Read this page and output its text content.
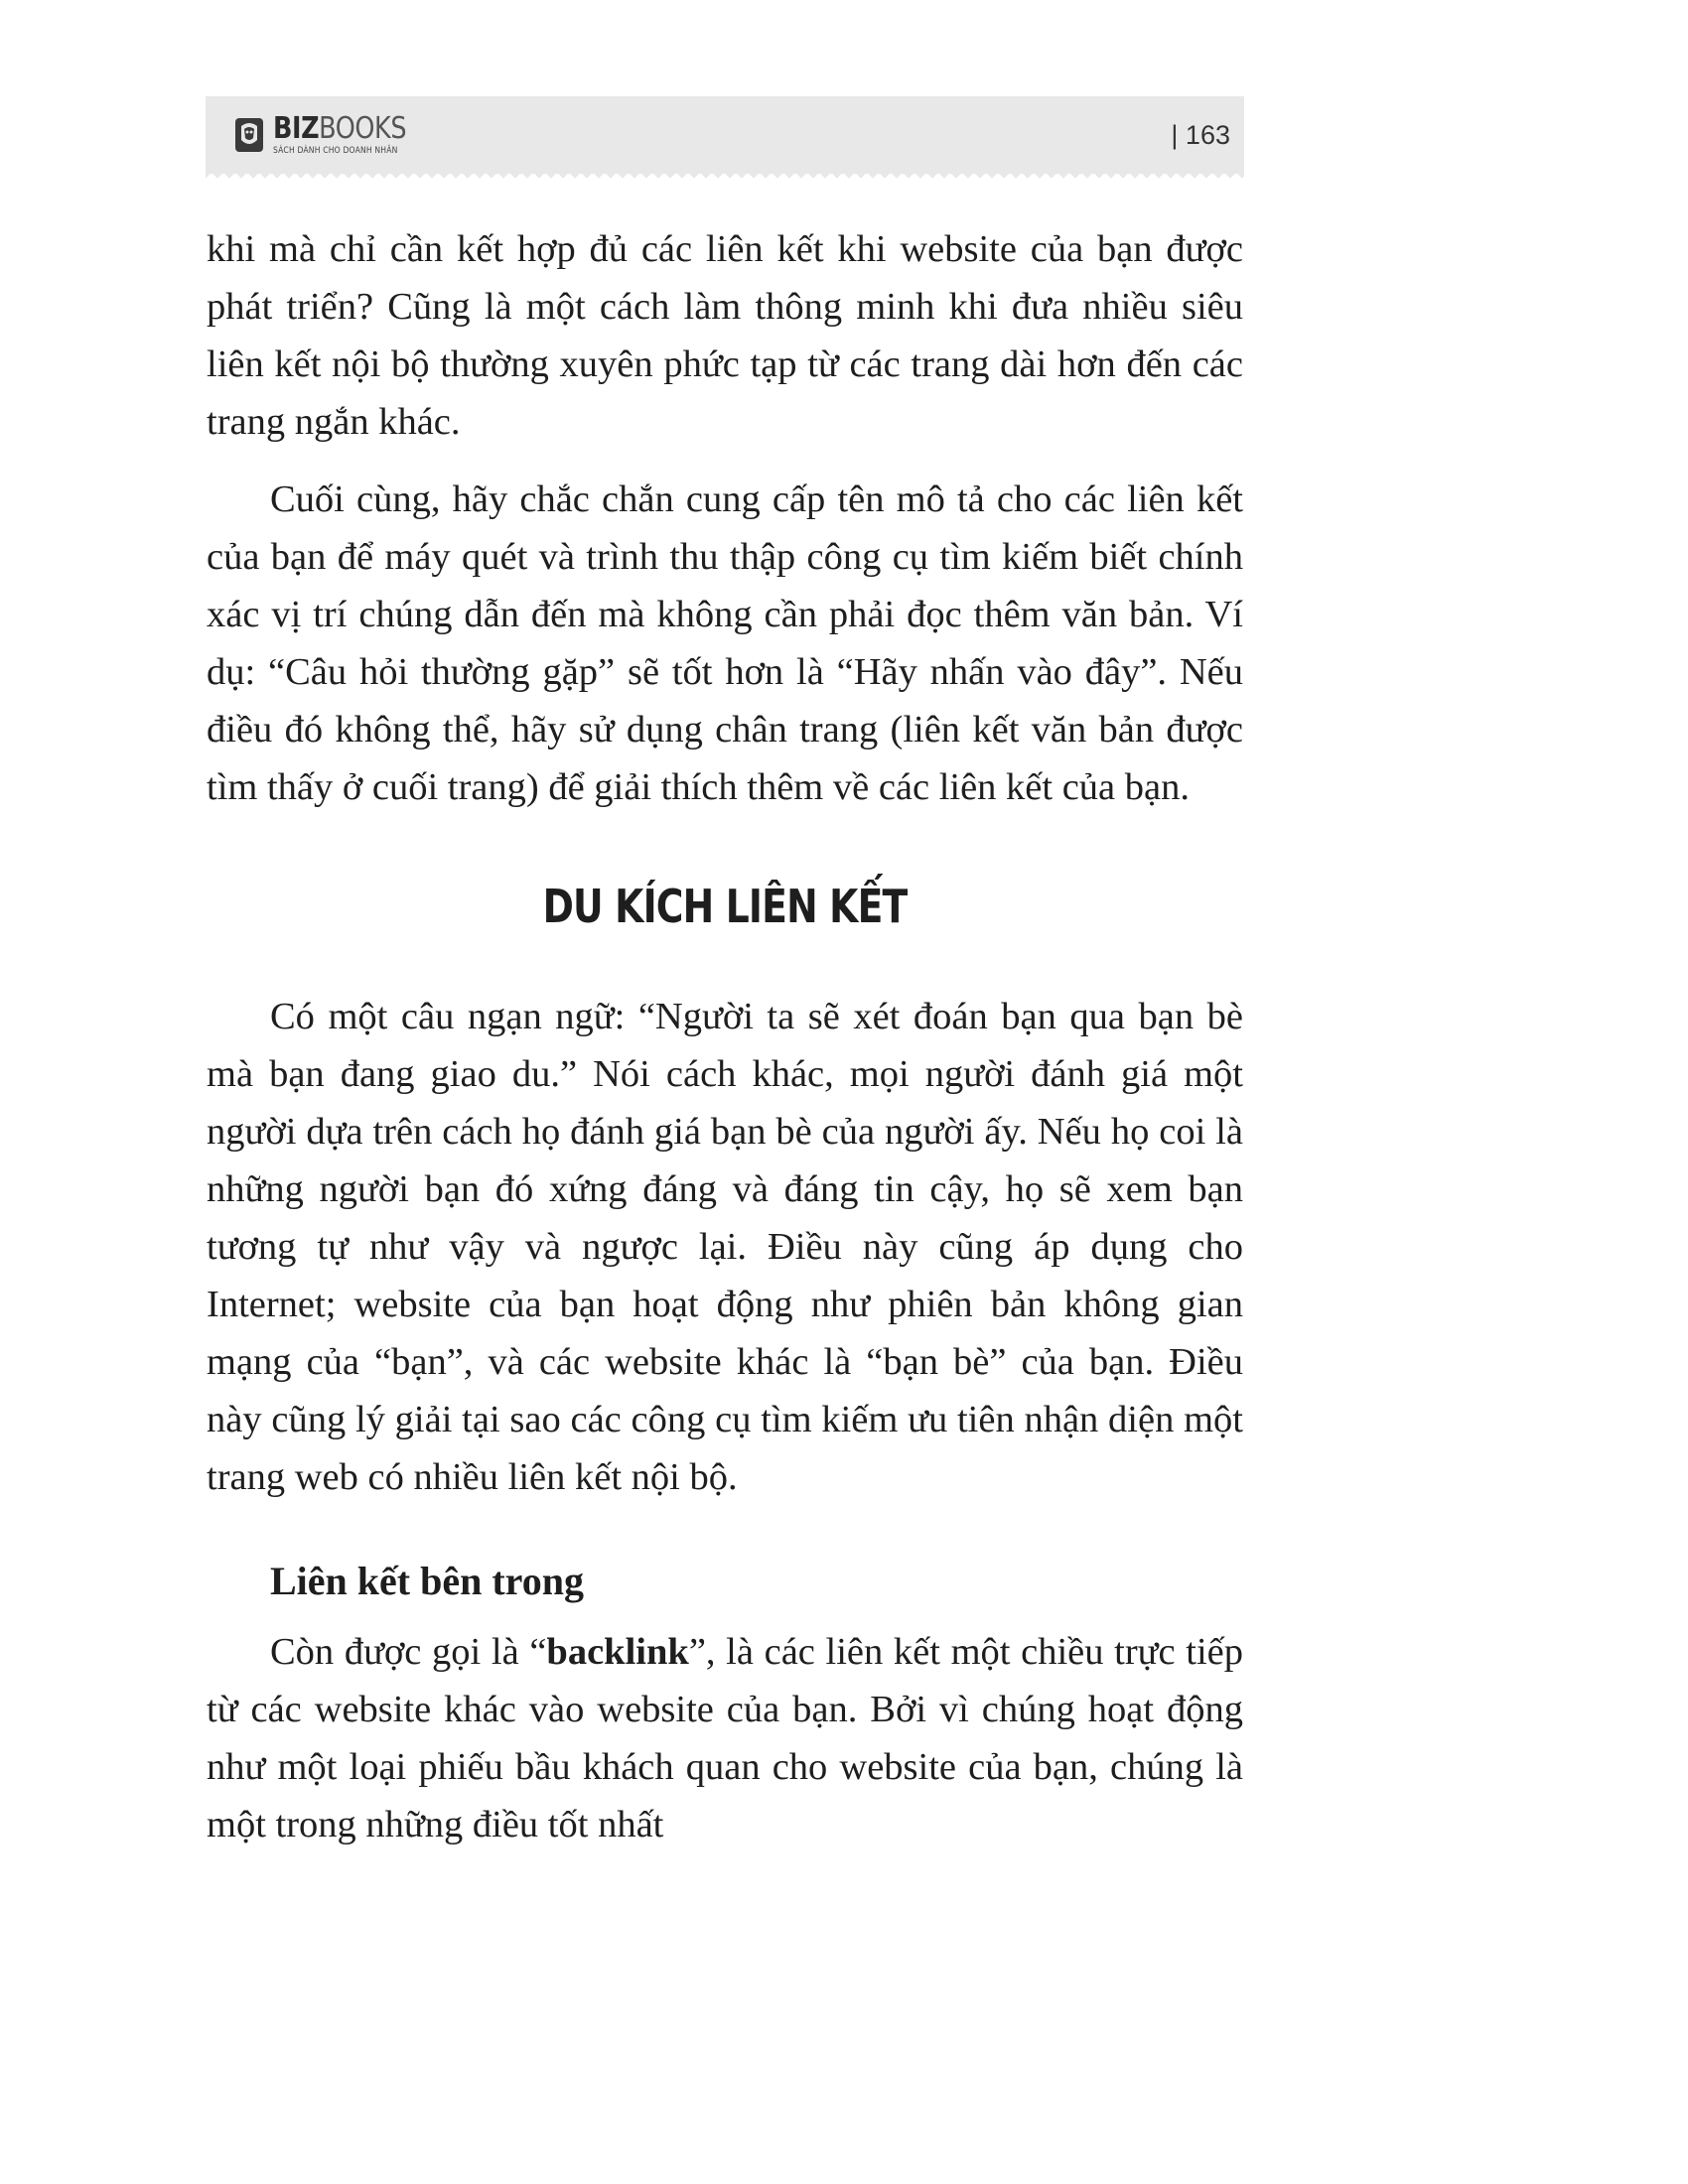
BIZBOOKS
SÁCH DÀNH CHO DOANH NHÂN
| 163

khi mà chỉ cần kết hợp đủ các liên kết khi website của bạn được phát triển? Cũng là một cách làm thông minh khi đưa nhiều siêu liên kết nội bộ thường xuyên phức tạp từ các trang dài hơn đến các trang ngắn khác.

Cuối cùng, hãy chắc chắn cung cấp tên mô tả cho các liên kết của bạn để máy quét và trình thu thập công cụ tìm kiếm biết chính xác vị trí chúng dẫn đến mà không cần phải đọc thêm văn bản. Ví dụ: “Câu hỏi thường gặp” sẽ tốt hơn là “Hãy nhấn vào đây”. Nếu điều đó không thể, hãy sử dụng chân trang (liên kết văn bản được tìm thấy ở cuối trang) để giải thích thêm về các liên kết của bạn.

DU KÍCH LIÊN KẾT

Có một câu ngạn ngữ: “Người ta sẽ xét đoán bạn qua bạn bè mà bạn đang giao du.” Nói cách khác, mọi người đánh giá một người dựa trên cách họ đánh giá bạn bè của người ấy. Nếu họ coi là những người bạn đó xứng đáng và đáng tin cậy, họ sẽ xem bạn tương tự như vậy và ngược lại. Điều này cũng áp dụng cho Internet; website của bạn hoạt động như phiên bản không gian mạng của “bạn”, và các website khác là “bạn bè” của bạn. Điều này cũng lý giải tại sao các công cụ tìm kiếm ưu tiên nhận diện một trang web có nhiều liên kết nội bộ.

Liên kết bên trong

Còn được gọi là “backlink”, là các liên kết một chiều trực tiếp từ các website khác vào website của bạn. Bởi vì chúng hoạt động như một loại phiếu bầu khách quan cho website của bạn, chúng là một trong những điều tốt nhất
